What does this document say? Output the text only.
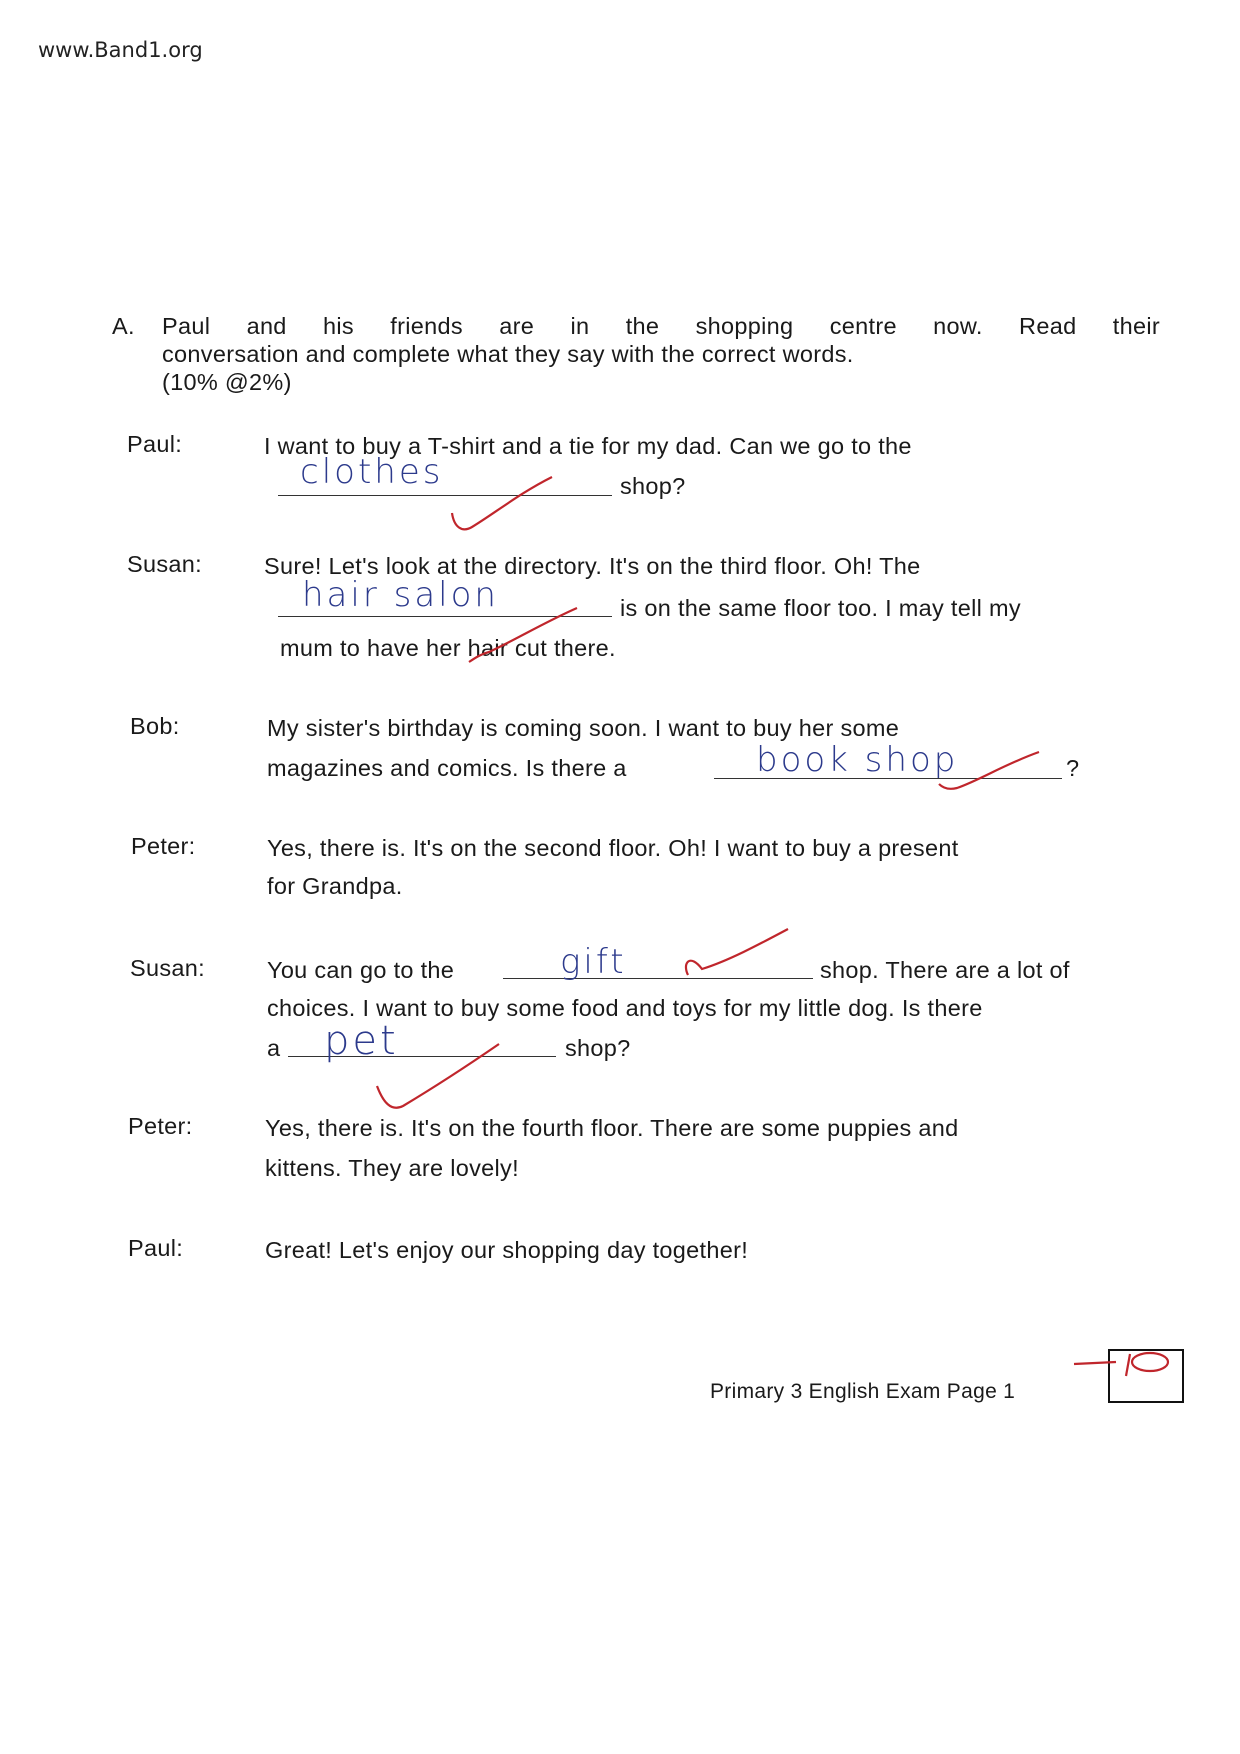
www.Band1.org
A. Paul and his friends are in the shopping centre now. Read their
conversation and complete what they say with the correct words.
(10% @2%)
Paul:	I want to buy a T-shirt and a tie for my dad. Can we go to the
clothes	shop?
Susan:	Sure! Let's look at the directory. It's on the third floor. Oh! The
hair salon	is on the same floor too. I may tell my
mum to have her hair cut there.
Bob:	My sister's birthday is coming soon. I want to buy her some
magazines and comics. Is there a	book shop	?
Peter:	Yes, there is. It's on the second floor. Oh! I want to buy a present
for Grandpa.
Susan:	You can go to the	gift	shop. There are a lot of
choices. I want to buy some food and toys for my little dog. Is there
a pet	shop?
Peter:	Yes, there is. It's on the fourth floor. There are some puppies and
kittens. They are lovely!
Paul:	Great! Let's enjoy our shopping day together!
Primary 3 English Exam Page 1
